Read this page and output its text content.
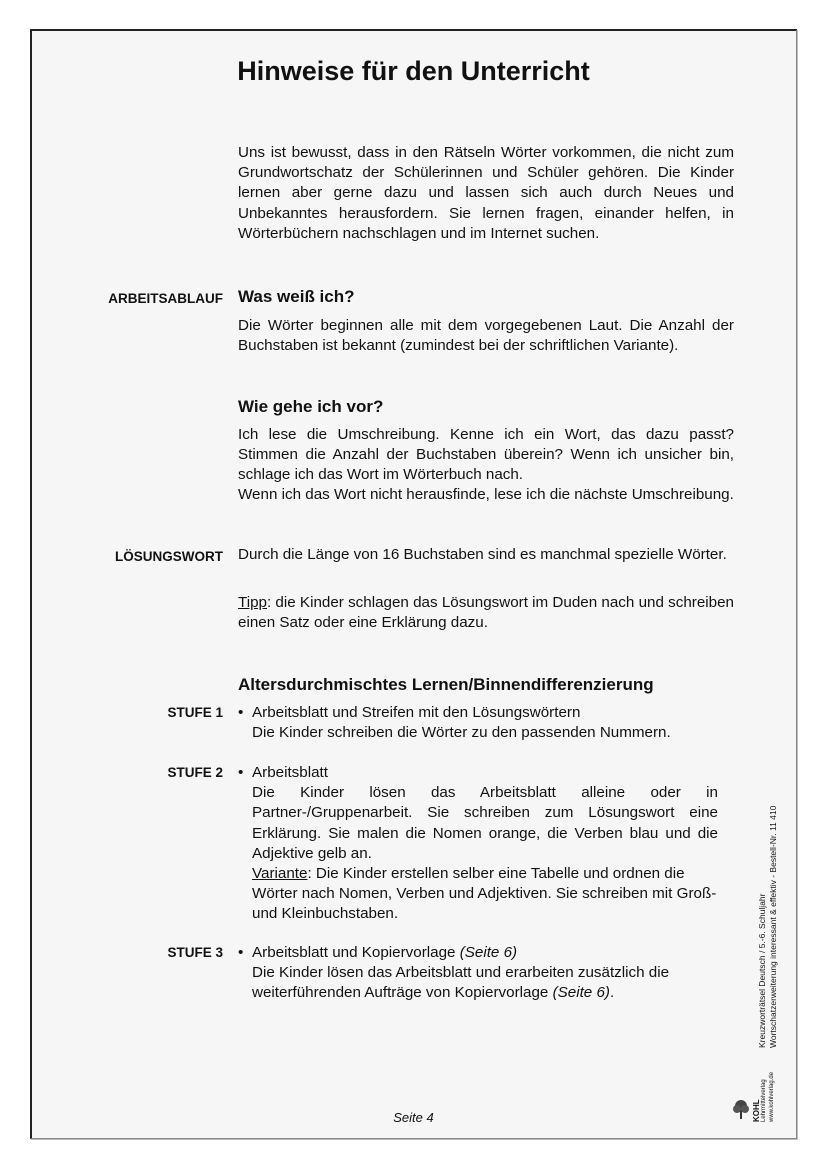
Hinweise für den Unterricht

Uns ist bewusst, dass in den Rätseln Wörter vorkommen, die nicht zum Grundwortschatz der Schülerinnen und Schüler gehören. Die Kinder lernen aber gerne dazu und lassen sich auch durch Neues und Unbekanntes herausfordern. Sie lernen fragen, einander helfen, in Wörterbüchern nachschlagen und im Internet suchen.

ARBEITSABLAUF Was weiß ich?

Die Wörter beginnen alle mit dem vorgegebenen Laut. Die Anzahl der Buchstaben ist bekannt (zumindest bei der schriftlichen Variante).

Wie gehe ich vor?

Ich lese die Umschreibung. Kenne ich ein Wort, das dazu passt? Stimmen die Anzahl der Buchstaben überein? Wenn ich unsicher bin, schlage ich das Wort im Wörterbuch nach.

Wenn ich das Wort nicht herausfinde, lese ich die nächste Umschreibung.

LÖSUNGSWORT Durch die Länge von 16 Buchstaben sind es manchmal spezielle Wörter.

Tipp: die Kinder schlagen das Lösungswort im Duden nach und schreiben einen Satz oder eine Erklärung dazu.

Altersdurchmischtes Lernen/Binnendifferenzierung
STUFE 1 • Arbeitsblatt und Streifen mit den Lösungswörtern
Die Kinder schreiben die Wörter zu den passenden Nummern.
STUFE 2 • Arbeitsblatt
Die Kinder lösen das Arbeitsblatt alleine oder in Partner-/Gruppenarbeit. Sie schreiben zum Lösungswort eine Erklärung. Sie malen die Nomen orange, die Verben blau und die Adjektive gelb an.
Variante: Die Kinder erstellen selber eine Tabelle und ordnen die Wörter nach Nomen, Verben und Adjektiven. Sie schreiben mit Groß- und Kleinbuchstaben.
STUFE 3 • Arbeitsblatt und Kopiervorlage (Seite 6)
Die Kinder lösen das Arbeitsblatt und erarbeiten zusätzlich die weiterführenden Aufträge von Kopiervorlage (Seite 6).	Kreuzworträtsel Deutsch / 5.-6. Schuljahr Wortschatzerweiterung interessant & effektiv - Bestell-Nr. 11 410
KOHL Lehrmittelverlag www.kohlverlag.de
Seite 4
